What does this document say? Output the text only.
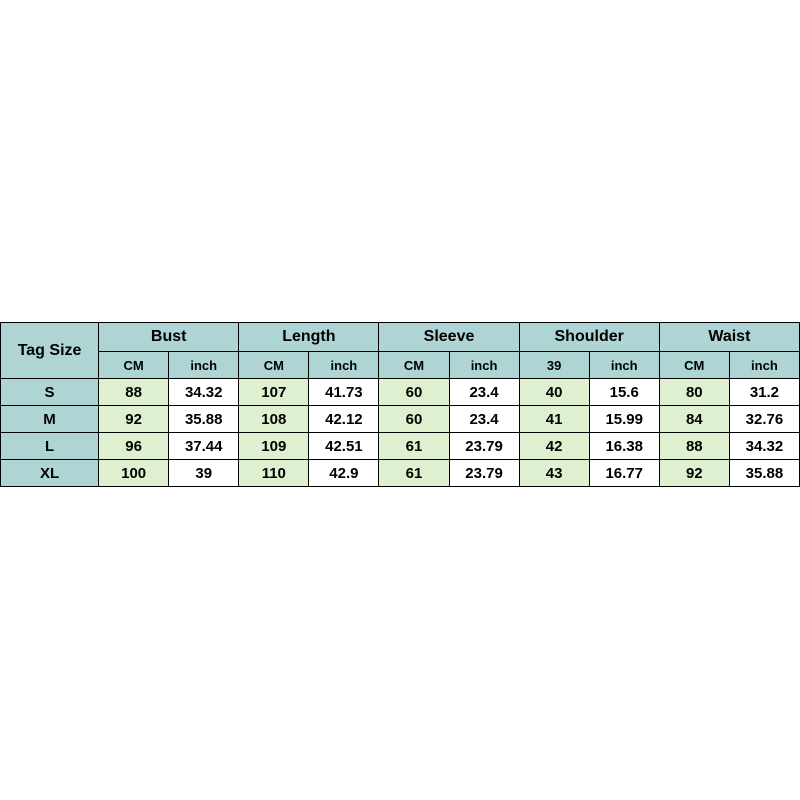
Tag Size	Bust		Length		Sleeve		Shoulder		Waist	
	CM	inch	CM	inch	CM	inch	39	inch	CM	inch
S	88	34.32	107	41.73	60	23.4	40	15.6	80	31.2
M	92	35.88	108	42.12	60	23.4	41	15.99	84	32.76
L	96	37.44	109	42.51	61	23.79	42	16.38	88	34.32
XL	100	39	110	42.9	61	23.79	43	16.77	92	35.88
